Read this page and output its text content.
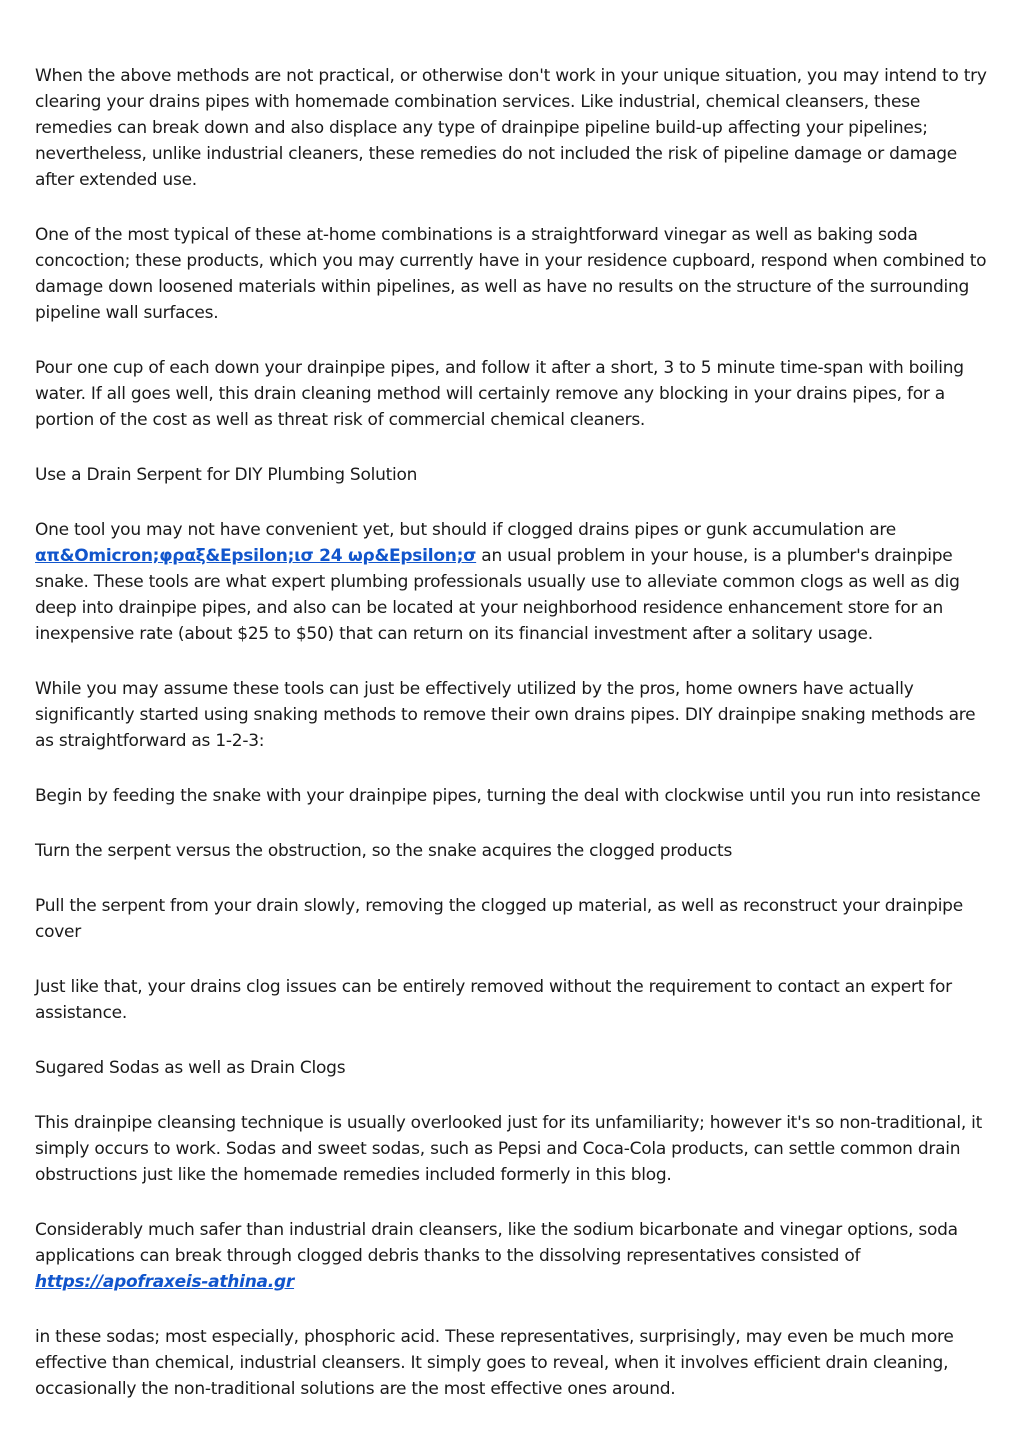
When the above methods are not practical, or otherwise don't work in your unique situation, you may intend to try clearing your drains pipes with homemade combination services. Like industrial, chemical cleansers, these remedies can break down and also displace any type of drainpipe pipeline build-up affecting your pipelines; nevertheless, unlike industrial cleaners, these remedies do not included the risk of pipeline damage or damage after extended use.

One of the most typical of these at-home combinations is a straightforward vinegar as well as baking soda concoction; these products, which you may currently have in your residence cupboard, respond when combined to damage down loosened materials within pipelines, as well as have no results on the structure of the surrounding pipeline wall surfaces.

Pour one cup of each down your drainpipe pipes, and follow it after a short, 3 to 5 minute time-span with boiling water. If all goes well, this drain cleaning method will certainly remove any blocking in your drains pipes, for a portion of the cost as well as threat risk of commercial chemical cleaners.

Use a Drain Serpent for DIY Plumbing Solution

One tool you may not have convenient yet, but should if clogged drains pipes or gunk accumulation are απ&Omicron;φραξ&Epsilon;ισ 24 ωρ&Epsilon;σ an usual problem in your house, is a plumber's drainpipe snake. These tools are what expert plumbing professionals usually use to alleviate common clogs as well as dig deep into drainpipe pipes, and also can be located at your neighborhood residence enhancement store for an inexpensive rate (about $25 to $50) that can return on its financial investment after a solitary usage.

While you may assume these tools can just be effectively utilized by the pros, home owners have actually significantly started using snaking methods to remove their own drains pipes. DIY drainpipe snaking methods are as straightforward as 1-2-3:

Begin by feeding the snake with your drainpipe pipes, turning the deal with clockwise until you run into resistance

Turn the serpent versus the obstruction, so the snake acquires the clogged products

Pull the serpent from your drain slowly, removing the clogged up material, as well as reconstruct your drainpipe cover

Just like that, your drains clog issues can be entirely removed without the requirement to contact an expert for assistance.

Sugared Sodas as well as Drain Clogs

This drainpipe cleansing technique is usually overlooked just for its unfamiliarity; however it's so non-traditional, it simply occurs to work. Sodas and sweet sodas, such as Pepsi and Coca-Cola products, can settle common drain obstructions just like the homemade remedies included formerly in this blog.

Considerably much safer than industrial drain cleansers, like the sodium bicarbonate and vinegar options, soda applications can break through clogged debris thanks to the dissolving representatives consisted of
https://apofraxeis-athina.gr

in these sodas; most especially, phosphoric acid. These representatives, surprisingly, may even be much more effective than chemical, industrial cleansers. It simply goes to reveal, when it involves efficient drain cleaning, occasionally the non-traditional solutions are the most effective ones around.
